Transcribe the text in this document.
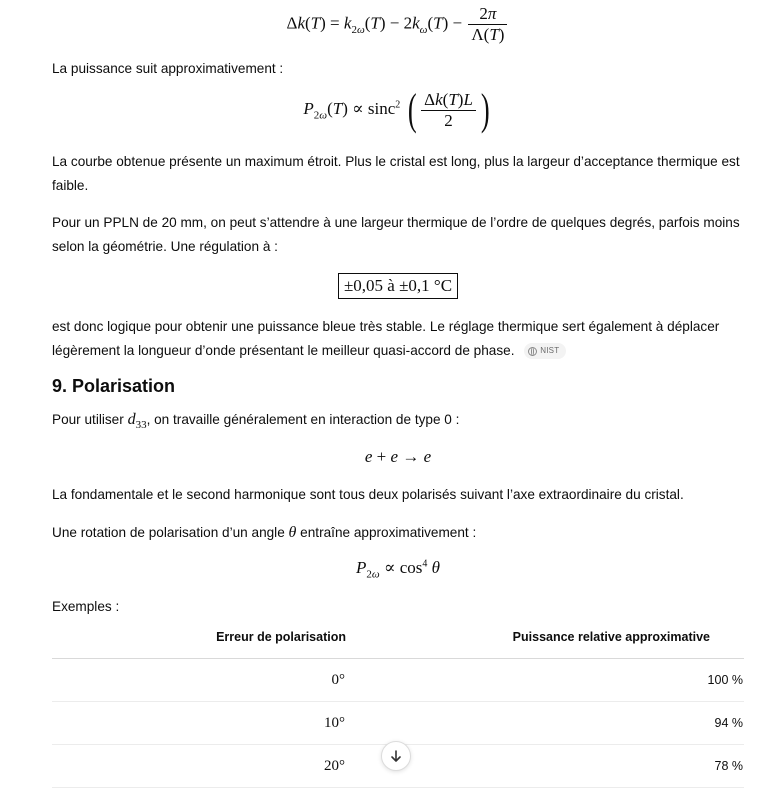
$\Delta k(T) = k_{2\omega}(T) - 2k_\omega(T) - \frac{2\pi}{\Lambda(T)}$

La puissance suit approximativement :

$P_{2\omega}(T) \propto \sin c^2$ ( $\frac{\Delta k(T)L}{2}$ )

La courbe obtenue présente un maximum étroit. Plus le cristal est long, plus la largeur d’acceptance thermique est faible.

Pour un PPLN de 20 mm, on peut s’attendre à une largeur thermique de l’ordre de quelques degrés, parfois moins selon la géométrie. Une régulation à :

±0,05 à ±0,1 °C

est donc logique pour obtenir une puissance bleue très stable. Le réglage thermique sert également à déplacer légèrement la longueur d’onde présentant le meilleur quasi-accord de phase.	NIST

9. Polarisation

Pour utiliser $d_{33}$, on travaille généralement en interaction de type 0 :

e + e → e

La fondamentale et le second harmonique sont tous deux polarisés suivant l’axe extraordinaire du cristal.

Une rotation de polarisation d’un angle θ entraîne approximativement :

$P_{2\omega} \propto \cos^4 \theta$

Exemples :

Erreur de polarisation	Puissance relative approximative
0°	100 %
10°	94 %
20°	78 %
